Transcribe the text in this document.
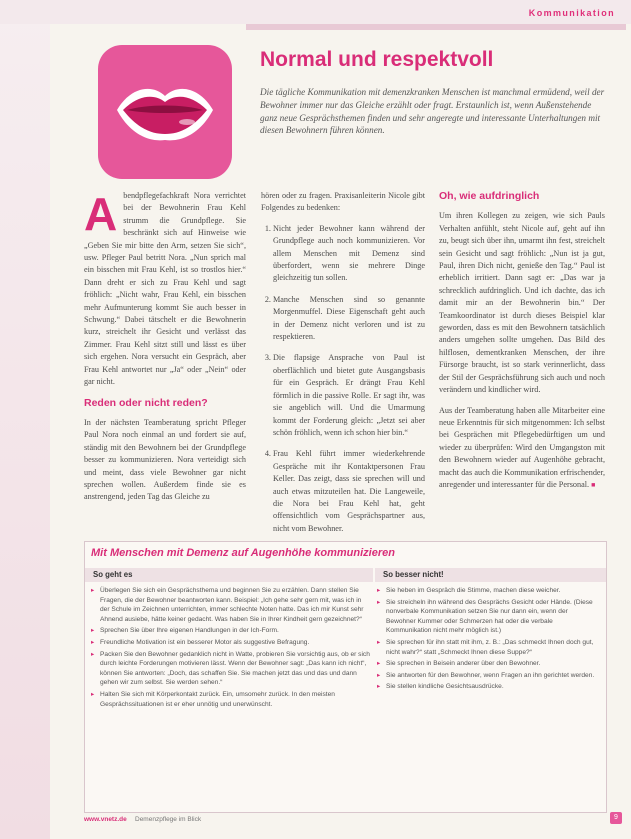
Kommunikation
Normal und respektvoll

Die tägliche Kommunikation mit demenzkranken Menschen ist manchmal ermüdend, weil der Bewohner immer nur das Gleiche erzählt oder fragt. Erstaunlich ist, wenn Außenstehende ganz neue Gesprächsthemen finden und sehr angeregte und interessante Unterhaltungen mit diesen Bewohnern führen können.

Abendpflegefachkraft Nora verrichtet bei der Bewohnerin Frau Kehl strumm die Grundpflege. Sie beschränkt sich auf Hinweise wie „Geben Sie mir bitte den Arm, setzen Sie sich“, usw. Pfleger Paul betritt Nora. „Nun sprich mal ein bisschen mit Frau Kehl, ist so trostlos hier.“ Dann dreht er sich zu Frau Kehl und sagt fröhlich: „Nicht wahr, Frau Kehl, ein bisschen mehr Aufmunterung kommt Sie auch besser in Schwung.“ Dabei tätschelt er die Bewohnerin kurz, streichelt ihr Gesicht und verlässt das Zimmer. Frau Kehl sitzt still und lässt es über sich ergehen. Nora versucht ein Gespräch, aber Frau Kehl antwortet nur „Ja“ oder „Nein“ oder gar nicht.

Reden oder nicht reden?

In der nächsten Teamberatung spricht Pfleger Paul Nora noch einmal an und fordert sie auf, ständig mit den Bewohnern bei der Grundpflege besser zu kommunizieren. Nora verteidigt sich und meint, dass viele Bewohner gar nicht sprechen wollen. Außerdem finde sie es anstrengend, jeden Tag das Gleiche zu

hören oder zu fragen. Praxisanleiterin Nicole gibt Folgendes zu bedenken:

1. Nicht jeder Bewohner kann während der Grundpflege auch noch kommunizieren. Vor allem Menschen mit Demenz sind überfordert, wenn sie mehrere Dinge gleichzeitig tun sollen.
2. Manche Menschen sind so genannte Morgenmuffel. Diese Eigenschaft geht auch in der Demenz nicht verloren und ist zu respektieren.
3. Die flapsige Ansprache von Paul ist oberflächlich und bietet gute Ausgangsbasis für ein Gespräch. Er drängt Frau Kehl förmlich in die passive Rolle. Er sagt ihr, was sie angeblich will. Und die Umarmung kommt der Forderung gleich: „Jetzt sei aber schön fröhlich, wenn ich schon hier bin.“
4. Frau Kehl führt immer wiederkehrende Gespräche mit ihr Kontaktpersonen Frau Keller. Das zeigt, dass sie sprechen will und auch etwas mitzuteilen hat. Die Langeweile, die Nora bei Frau Kehl hat, geht offensichtlich vom Gesprächspartner aus, nicht vom Bewohner.
Oh, wie aufdringlich

Um ihren Kollegen zu zeigen, wie sich Pauls Verhalten anfühlt, steht Nicole auf, geht auf ihn zu, beugt sich über ihn, umarmt ihn fest, streichelt sein Gesicht und sagt fröhlich: „Nun ist ja gut, Paul, ihren Dich nicht, genieße den Tag.“ Paul ist erheblich irritiert. Dann sagt er: „Das war ja schrecklich aufdringlich. Und ich dachte, das ich damit mir an der Bewohnerin bin.“ Der Teamkoordinator ist durch dieses Beispiel klar geworden, dass es mit den Bewohnern tatsächlich anders umgehen sollte umgehen. Das Bild des hilflosen, dementkranken Menschen, der ihre Fürsorge braucht, ist so stark verinnerlicht, dass der Stil der Gesprächsführung sich auch und noch verändern und kindlicher wird.

Aus der Teamberatung haben alle Mitarbeiter eine neue Erkenntnis für sich mitgenommen: Ich selbst bei Gesprächen mit Pflegebedürftigen um und wieder zu überprüfen: Wird den Umgangston mit den Bewohnern wieder auf Augenhöhe gebracht, macht das auch die Kommunikation erfrischender, anregender und interessanter für die Personal. ■

Mit Menschen mit Demenz auf Augenhöhe kommunizieren
So geht es	So besser nicht!
▸ Überlegen Sie sich ein Gesprächsthema und beginnen Sie zu erzählen. Dann stellen Sie Fragen, die der Bewohner beantworten kann. Beispiel: „Ich gehe sehr gern mit, was ich in der Schule im Zeichnen unterrichten, immer schlechte Noten hatte. Das ich mir Kunst sehr Ahnend ausiebe, hätte keiner gedacht. Was haben Sie in Ihrer Kindheit gern gezeichnet?“
▸ Sprechen Sie über Ihre eigenen Handlungen in der Ich-Form.
▸ Freundliche Motivation ist ein besserer Motor als suggestive Befragung.
▸ Packen Sie den Bewohner gedanklich nicht in Watte, probieren Sie vorsichtig aus, ob er sich durch leichte Forderungen motivieren lässt. Wenn der Bewohner sagt: „Das kann ich nicht“, können Sie antworten: „Doch, das schaffen Sie. Sie machen jetzt das und das und dann gehen wir zum selbst. Sie werden sehen.“
▸ Halten Sie sich mit Körperkontakt zurück. Ein, umsomehr zurück. In den meisten Gesprächssituationen ist er eher unnötig und unerwünscht.
▸ Sie heben im Gespräch die Stimme, machen diese weicher.
▸ Sie streicheln ihn während des Gesprächs Gesicht oder Hände. (Diese nonverbale Kommunikation setzen Sie nur dann ein, wenn der Bewohner Kummer oder Schmerzen hat oder die verbale Kommunikation nicht mehr möglich ist.)
▸ Sie sprechen für ihn statt mit ihm, z. B.: „Das schmeckt Ihnen doch gut, nicht wahr?“ statt „Schmeckt Ihnen diese Suppe?“
▸ Sie sprechen in Beisein anderer über den Bewohner.
▸ Sie antworten für den Bewohner, wenn Fragen an ihn gerichtet werden.
▸ Sie stellen kindliche Gesichtsausdrücke.
www.vnetz.de Demenzpflege im Blick	9
